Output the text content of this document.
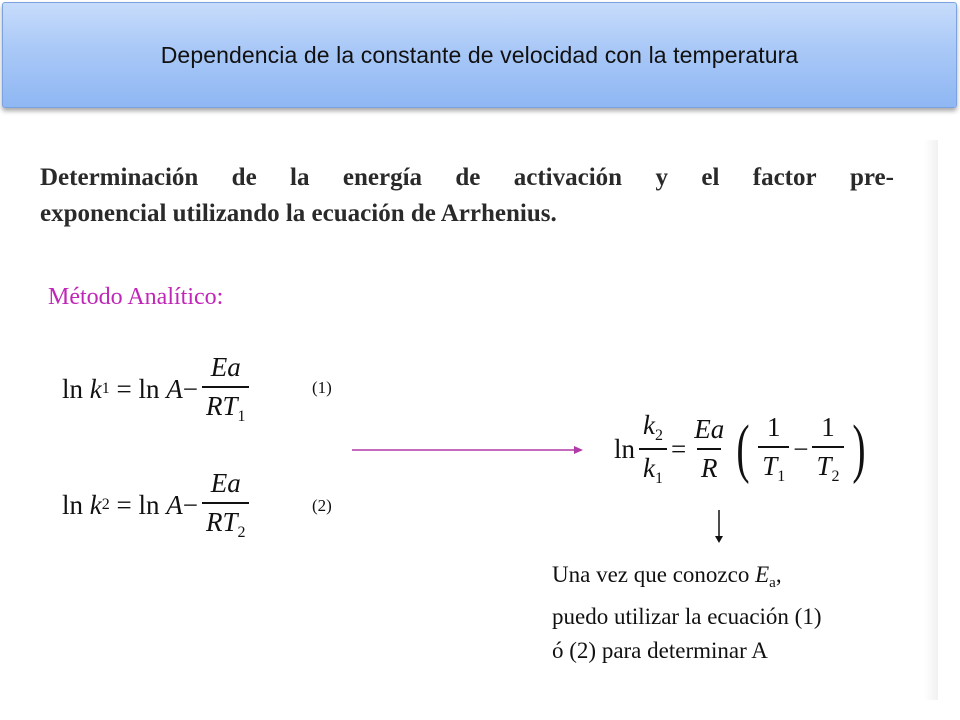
Dependencia de la constante de velocidad con la temperatura
Determinación de la energía de activación y el factor pre-
exponencial utilizando la ecuación de Arrhenius.
Método Analítico:
ln
k 1
= ln
$A - \frac{Ea}{RT_1}$	(1)
ln
k 2
= ln
$A - \frac{Ea}{RT_2}$	(2)
$\ln \frac{k_2}{k_1} = \frac{Ea}{R}$ ( $\frac{1}{T_1} - \frac{1}{T_2}$ )
Una vez que conozco $E_a$,
puedo utilizar la ecuación (1)
ó (2) para determinar A
